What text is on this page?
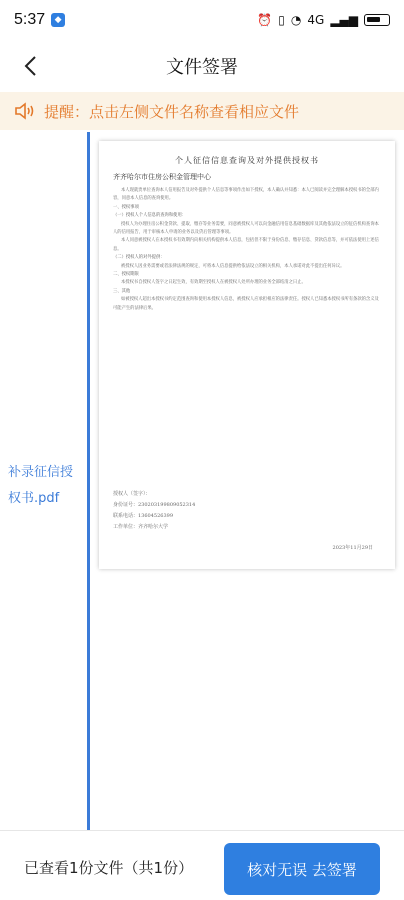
5:37	◆	⏰ ▯ ◔ 4G ▂▄▆
文件签署
提醒：点击左侧文件名称查看相应文件
补录征信授权书.pdf
个人征信信息查询及对外提供授权书
齐齐哈尔市住房公积金管理中心
本人现就贵单位查询本人信用报告及对外提供个人信息等事项作出如下授权，本人确认并知悉：本人已阅读并完全理解本授权书的全部内容，同意本人信息的查询使用。
一、授权事项
（一）授权人个人信息的查询和使用：
授权人为办理住房公积金贷款、提取、缴存等业务需要，同意被授权人可以向金融信用信息基础数据库及其他依法设立的征信机构查询本人的信用报告，用于审核本人申请的业务以及贷后管理等事项。
本人同意被授权人在本授权书有效期内向相关机构提供本人信息，包括但不限于身份信息、缴存信息、贷款信息等，并可依法使用上述信息。
（二）授权人的对外提供：
被授权人因业务需要或者法律法规的规定，可将本人信息提供给依法设立的相关机构，本人承诺对此不提出任何异议。
二、授权期限
本授权书自授权人签字之日起生效，有效期至授权人在被授权人处所办理的业务全部结清之日止。
三、其他
如被授权人超出本授权书约定范围查询和使用本授权人信息，被授权人应承担相应的法律责任。授权人已知悉本授权书所有条款的含义及可能产生的法律后果。
授权人（签字）：
身份证号：230203199809052314
联系电话：13604526399
工作单位：齐齐哈尔大学
2023年11月29日
已查看1份文件（共1份）	核对无误 去签署
